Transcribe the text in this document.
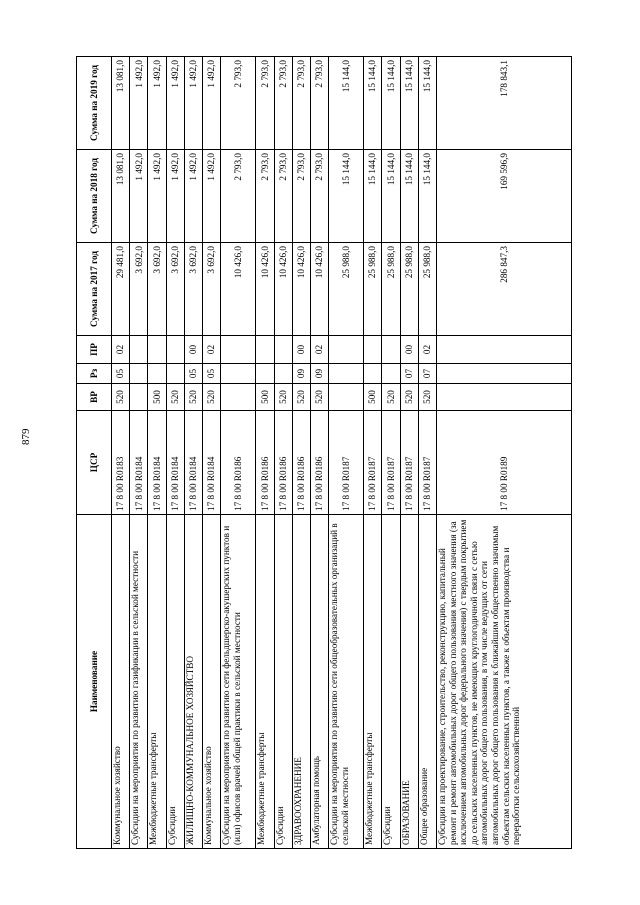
879
Наименование	ЦСР	ВР	Рз	ПР	Сумма на 2017 год	Сумма на 2018 год	Сумма на 2019 год
Коммунальное хозяйство	17 8 00 R0183	520	05	02	29 481,0	13 081,0	13 081,0
Субсидии на мероприятия по развитию газификации в сельской местности	17 8 00 R0184				3 692,0	1 492,0	1 492,0
Межбюджетные трансферты	17 8 00 R0184	500			3 692,0	1 492,0	1 492,0
Субсидии	17 8 00 R0184	520			3 692,0	1 492,0	1 492,0
ЖИЛИЩНО-КОММУНАЛЬНОЕ ХОЗЯЙСТВО	17 8 00 R0184	520	05	00	3 692,0	1 492,0	1 492,0
Коммунальное хозяйство	17 8 00 R0184	520	05	02	3 692,0	1 492,0	1 492,0
Субсидии на мероприятия по развитию сети фельдшерско-акушерских пунктов и (или) офисов врачей общей практики в сельской местности	17 8 00 R0186				10 426,0	2 793,0	2 793,0
Межбюджетные трансферты	17 8 00 R0186	500			10 426,0	2 793,0	2 793,0
Субсидии	17 8 00 R0186	520			10 426,0	2 793,0	2 793,0
ЗДРАВООХРАНЕНИЕ	17 8 00 R0186	520	09	00	10 426,0	2 793,0	2 793,0
Амбулаторная помощь	17 8 00 R0186	520	09	02	10 426,0	2 793,0	2 793,0
Субсидии на мероприятия по развитию сети общеобразовательных организаций в сельской местности	17 8 00 R0187				25 988,0	15 144,0	15 144,0
Межбюджетные трансферты	17 8 00 R0187	500			25 988,0	15 144,0	15 144,0
Субсидии	17 8 00 R0187	520			25 988,0	15 144,0	15 144,0
ОБРАЗОВАНИЕ	17 8 00 R0187	520	07	00	25 988,0	15 144,0	15 144,0
Общее образование	17 8 00 R0187	520	07	02	25 988,0	15 144,0	15 144,0
Субсидии на проектирование, строительство, реконструкцию, капитальный ремонт и ремонт автомобильных дорог общего пользования местного значения (за исключением автомобильных дорог федерального значения) с твердым покрытием до сельских населенных пунктов, не имеющих круглогодичной связи с сетью автомобильных дорог общего пользования, в том числе ведущих от сети автомобильных дорог общего пользования к ближайшим общественно значимым объектам сельских населенных пунктов, а также к объектам производства и переработки сельскохозяйственной	17 8 00 R0189				286 847,3	169 596,9	178 843,1
